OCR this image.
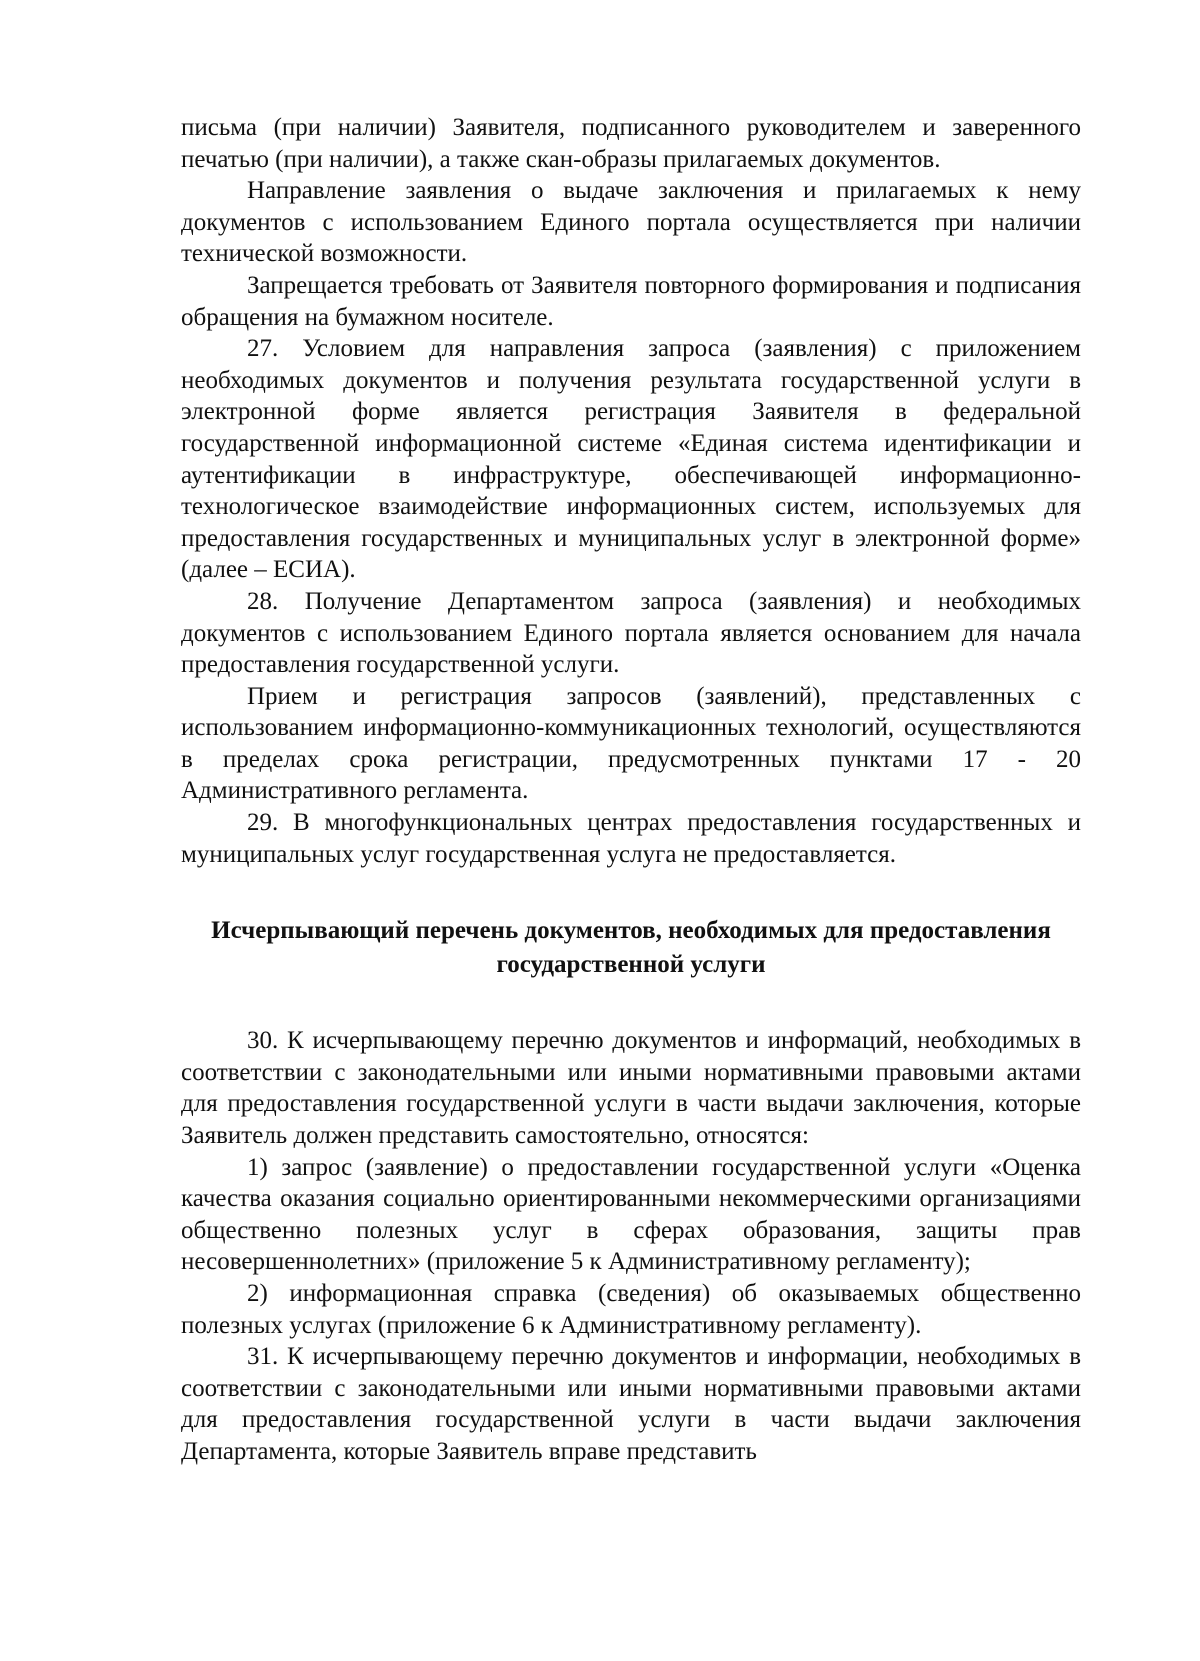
письма (при наличии) Заявителя, подписанного руководителем и заверенного печатью (при наличии), а также скан-образы прилагаемых документов.

Направление заявления о выдаче заключения и прилагаемых к нему документов с использованием Единого портала осуществляется при наличии технической возможности.

Запрещается требовать от Заявителя повторного формирования и подписания обращения на бумажном носителе.

27. Условием для направления запроса (заявления) с приложением необходимых документов и получения результата государственной услуги в электронной форме является регистрация Заявителя в федеральной государственной информационной системе «Единая система идентификации и аутентификации в инфраструктуре, обеспечивающей информационно-технологическое взаимодействие информационных систем, используемых для предоставления государственных и муниципальных услуг в электронной форме» (далее – ЕСИА).

28. Получение Департаментом запроса (заявления) и необходимых документов с использованием Единого портала является основанием для начала предоставления государственной услуги.

Прием и регистрация запросов (заявлений), представленных с использованием информационно-коммуникационных технологий, осуществляются в пределах срока регистрации, предусмотренных пунктами 17 - 20 Административного регламента.

29. В многофункциональных центрах предоставления государственных и муниципальных услуг государственная услуга не предоставляется.

Исчерпывающий перечень документов, необходимых для предоставления государственной услуги

30. К исчерпывающему перечню документов и информаций, необходимых в соответствии с законодательными или иными нормативными правовыми актами для предоставления государственной услуги в части выдачи заключения, которые Заявитель должен представить самостоятельно, относятся:

1) запрос (заявление) о предоставлении государственной услуги «Оценка качества оказания социально ориентированными некоммерческими организациями общественно полезных услуг в сферах образования, защиты прав несовершеннолетних» (приложение 5 к Административному регламенту);

2) информационная справка (сведения) об оказываемых общественно полезных услугах (приложение 6 к Административному регламенту).

31. К исчерпывающему перечню документов и информации, необходимых в соответствии с законодательными или иными нормативными правовыми актами для предоставления государственной услуги в части выдачи заключения Департамента, которые Заявитель вправе представить
